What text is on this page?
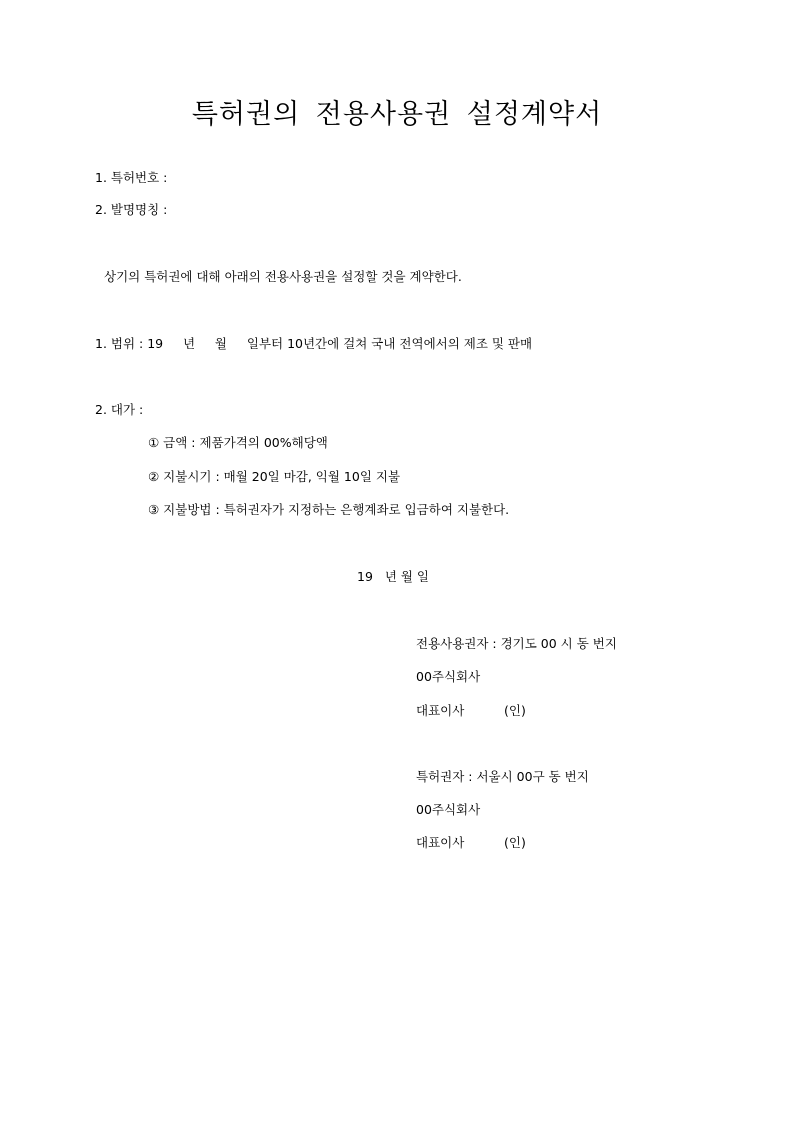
특허권의 전용사용권 설정계약서
1. 특허번호 :
2. 발명명칭 :
상기의 특허권에 대해 아래의 전용사용권을 설정할 것을 계약한다.
1. 범위 : 19     년     월     일부터 10년간에 걸쳐 국내 전역에서의 제조 및 판매
2. 대가 :
① 금액 : 제품가격의 00%해당액
② 지불시기 : 매월 20일 마감, 익월 10일 지불
③ 지불방법 : 특허권자가 지정하는 은행계좌로 입금하여 지불한다.
19   년 월 일
전용사용권자 : 경기도 00 시 동 번지
00주식회사
대표이사          (인)
특허권자 : 서울시 00구 동 번지
00주식회사
대표이사          (인)
